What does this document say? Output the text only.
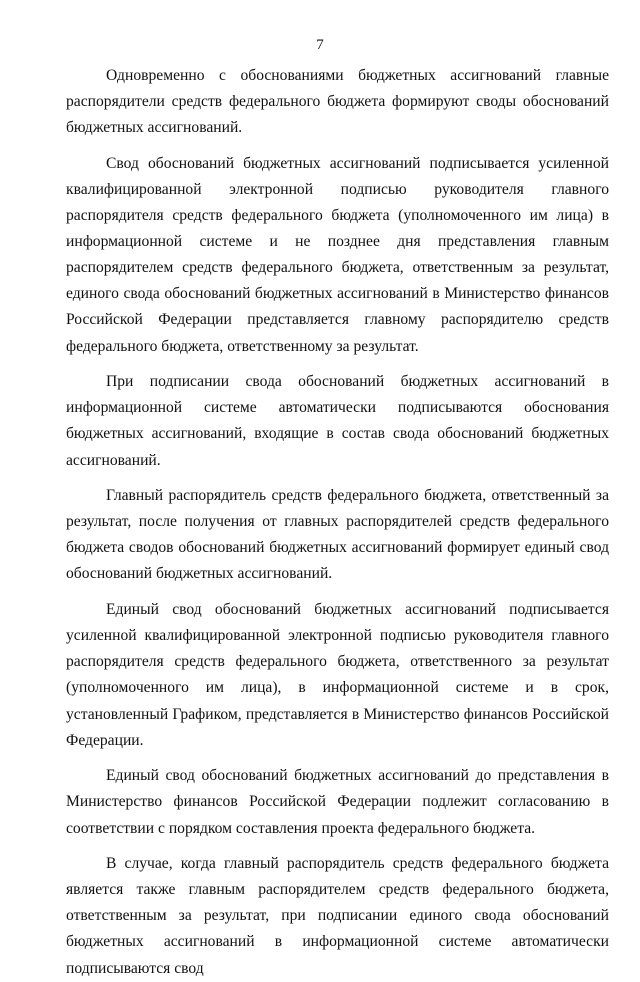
7

Одновременно с обоснованиями бюджетных ассигнований главные распорядители средств федерального бюджета формируют своды обоснований бюджетных ассигнований.

Свод обоснований бюджетных ассигнований подписывается усиленной квалифицированной электронной подписью руководителя главного распорядителя средств федерального бюджета (уполномоченного им лица) в информационной системе и не позднее дня представления главным распорядителем средств федерального бюджета, ответственным за результат, единого свода обоснований бюджетных ассигнований в Министерство финансов Российской Федерации представляется главному распорядителю средств федерального бюджета, ответственному за результат.

При подписании свода обоснований бюджетных ассигнований в информационной системе автоматически подписываются обоснования бюджетных ассигнований, входящие в состав свода обоснований бюджетных ассигнований.

Главный распорядитель средств федерального бюджета, ответственный за результат, после получения от главных распорядителей средств федерального бюджета сводов обоснований бюджетных ассигнований формирует единый свод обоснований бюджетных ассигнований.

Единый свод обоснований бюджетных ассигнований подписывается усиленной квалифицированной электронной подписью руководителя главного распорядителя средств федерального бюджета, ответственного за результат (уполномоченного им лица), в информационной системе и в срок, установленный Графиком, представляется в Министерство финансов Российской Федерации.

Единый свод обоснований бюджетных ассигнований до представления в Министерство финансов Российской Федерации подлежит согласованию в соответствии с порядком составления проекта федерального бюджета.

В случае, когда главный распорядитель средств федерального бюджета является также главным распорядителем средств федерального бюджета, ответственным за результат, при подписании единого свода обоснований бюджетных ассигнований в информационной системе автоматически подписываются свод
